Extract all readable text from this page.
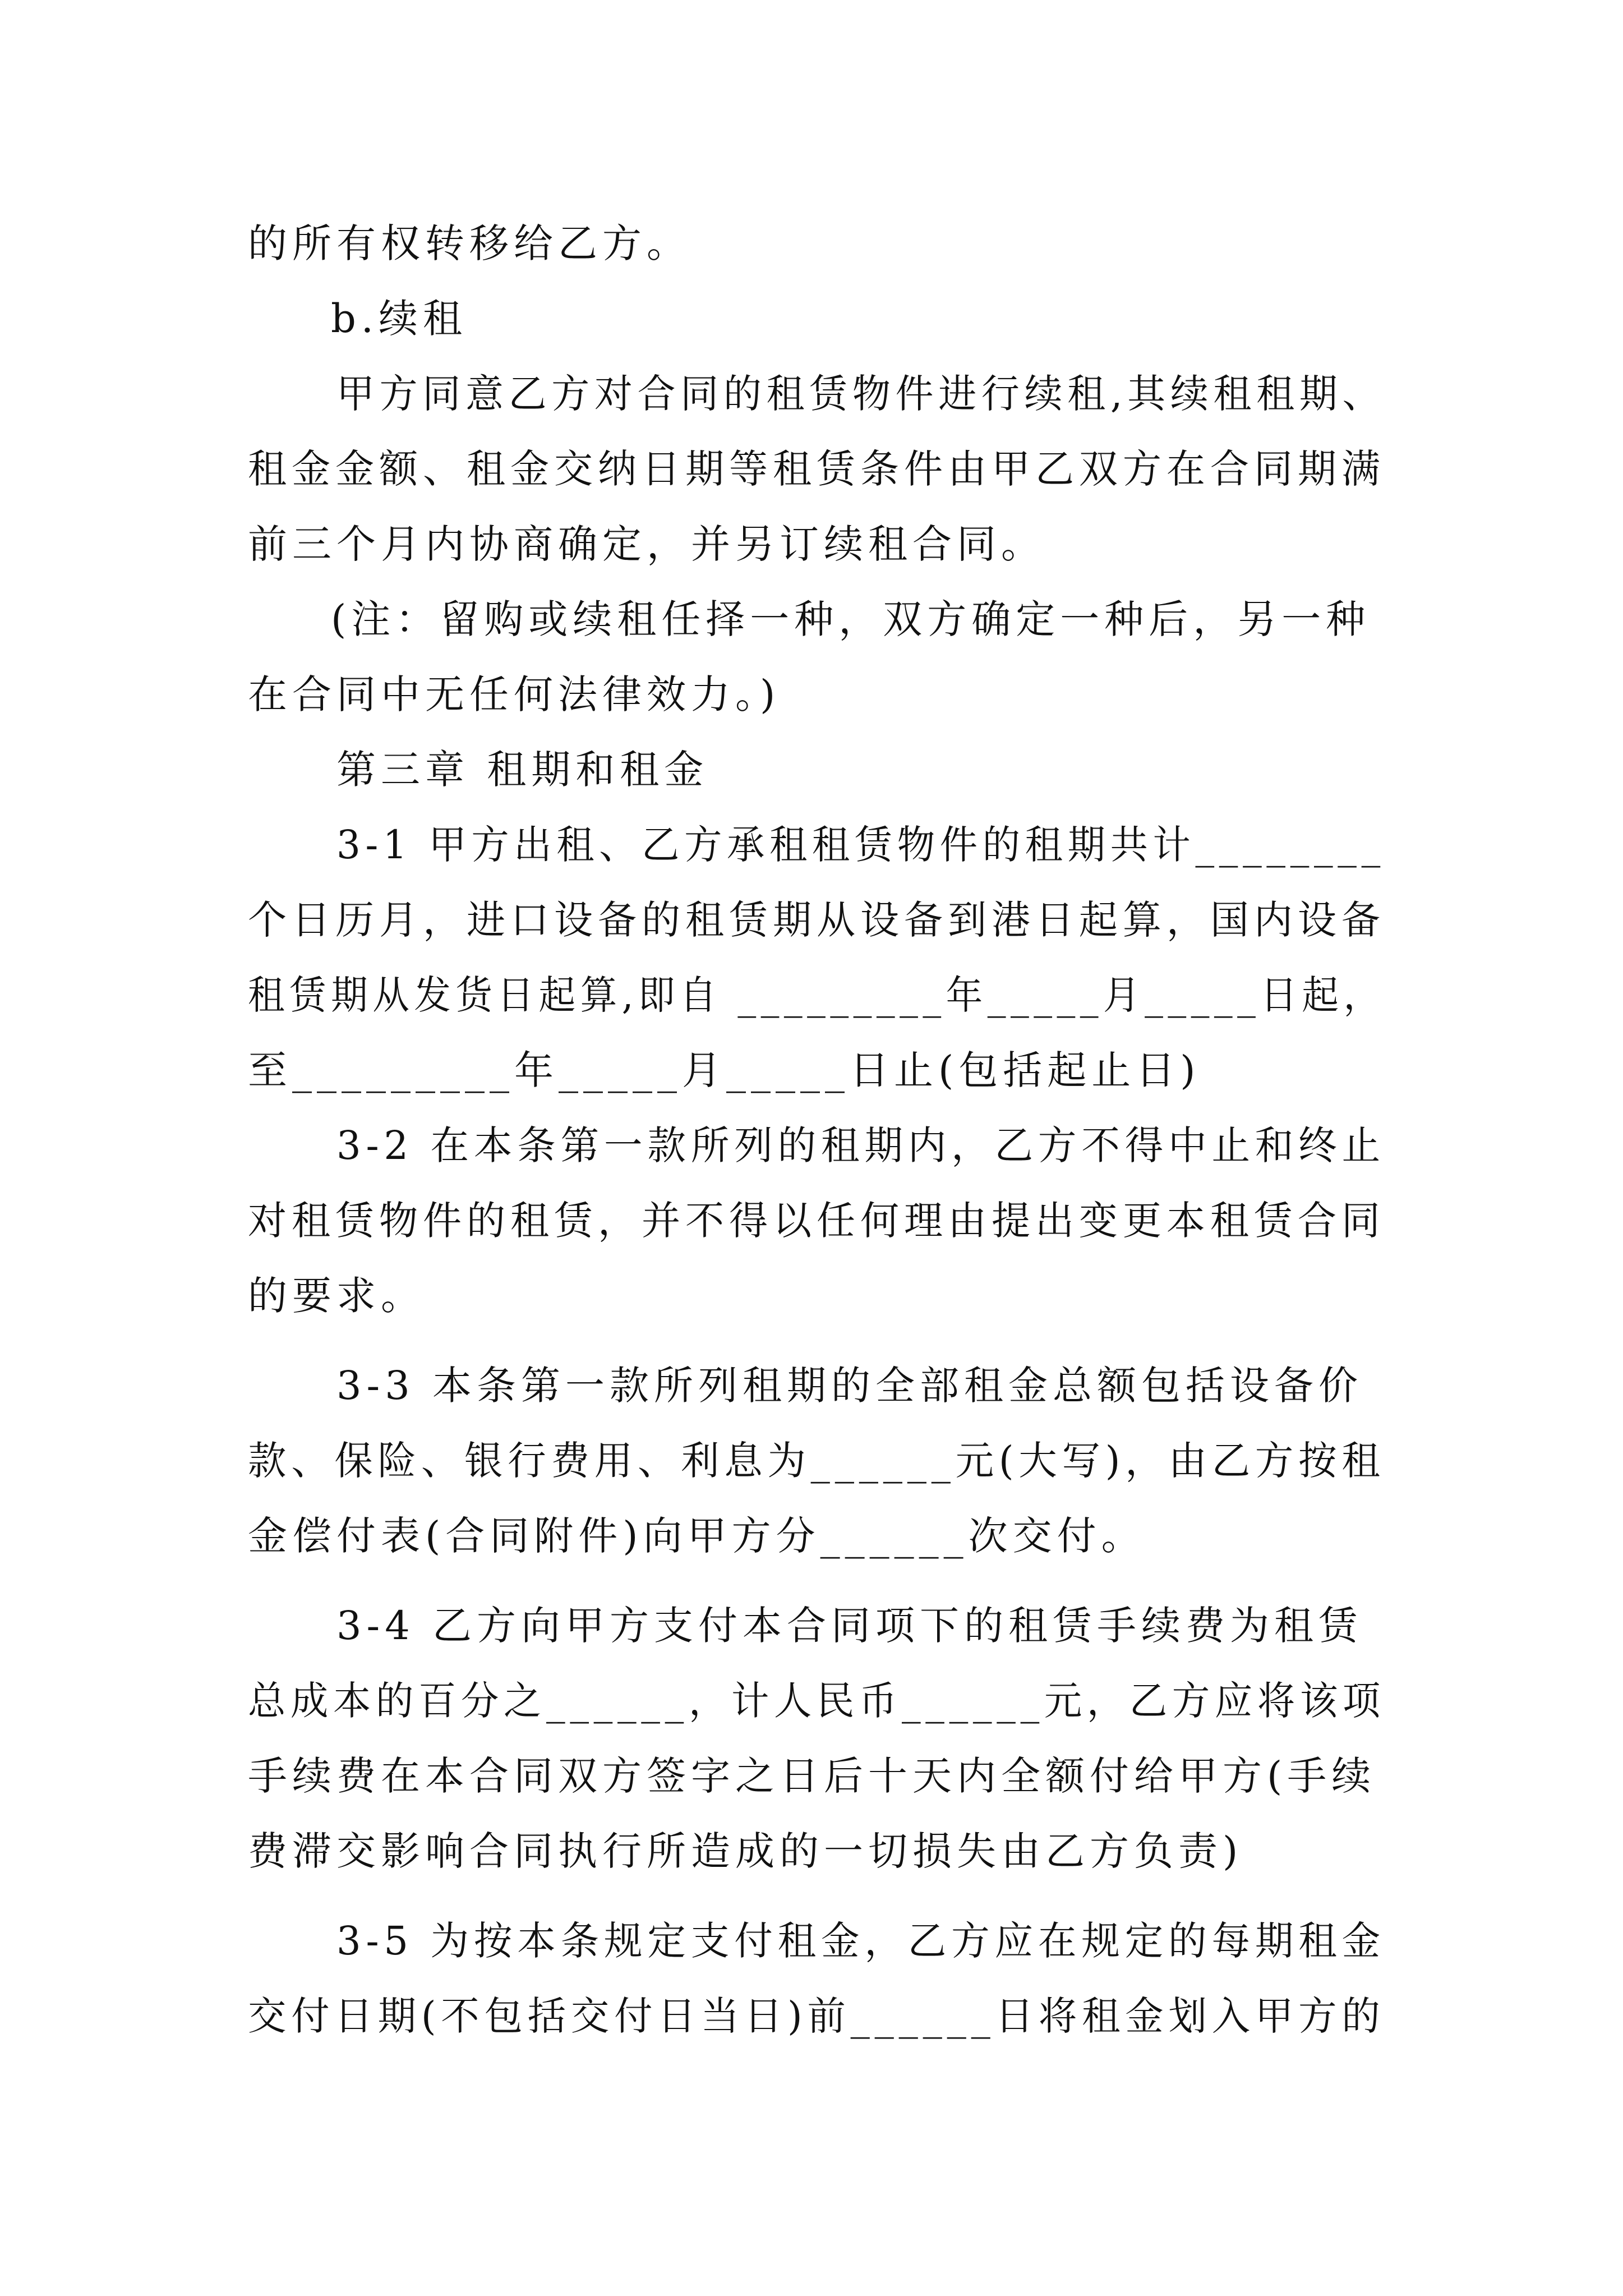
的所有权转移给乙方。
b.续租
甲方同意乙方对合同的租赁物件进行续租,其续租租期、
租金金额、租金交纳日期等租赁条件由甲乙双方在合同期满
前三个月内协商确定，并另订续租合同。
(注：留购或续租任择一种，双方确定一种后，另一种
在合同中无任何法律效力。)
第三章 租期和租金
3-1 甲方出租、乙方承租租赁物件的租期共计________
个日历月，进口设备的租赁期从设备到港日起算，国内设备
租赁期从发货日起算,即自 _________年_____月_____日起，
至_________年_____月_____日止(包括起止日)
3-2 在本条第一款所列的租期内，乙方不得中止和终止
对租赁物件的租赁，并不得以任何理由提出变更本租赁合同
的要求。
3-3 本条第一款所列租期的全部租金总额包括设备价
款、保险、银行费用、利息为______元(大写)，由乙方按租
金偿付表(合同附件)向甲方分______次交付。
3-4 乙方向甲方支付本合同项下的租赁手续费为租赁
总成本的百分之______，计人民币______元，乙方应将该项
手续费在本合同双方签字之日后十天内全额付给甲方(手续
费滞交影响合同执行所造成的一切损失由乙方负责)
3-5 为按本条规定支付租金，乙方应在规定的每期租金
交付日期(不包括交付日当日)前______日将租金划入甲方的
